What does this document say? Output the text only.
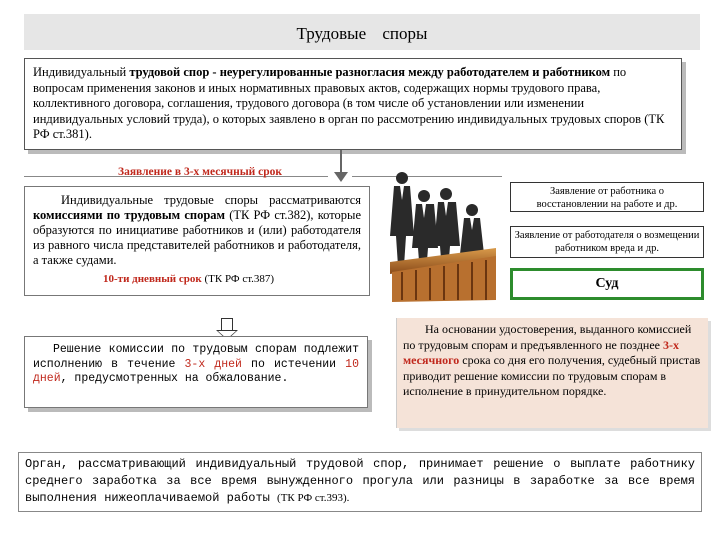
Трудовые споры
Индивидуальный трудовой спор - неурегулированные разногласия между работодателем и работником по вопросам применения законов и иных нормативных правовых актов, содержащих нормы трудового права, коллективного договора, соглашения, трудового договора (в том числе об установлении или изменении индивидуальных условий труда), о которых заявлено в орган по рассмотрению индивидуальных трудовых споров (ТК РФ ст.381).
Заявление в 3-х месячный срок
Индивидуальные трудовые споры рассматриваются комиссиями по трудовым спорам (ТК РФ ст.382), которые образуются по инициативе работников и (или) работодателя из равного числа представителей работников и работодателя, а также судами.
10-ти дневный срок (ТК РФ ст.387)
Решение комиссии по трудовым спорам подлежит исполнению в течение 3-х дней по истечении 10 дней, предусмотренных на обжалование.
Заявление от работника о восстановлении на работе и др.
Заявление от работодателя о возмещении работником вреда и др.
Суд
На основании удостоверения, выданного комиссией по трудовым спорам и предъявленного не позднее 3-х месячного срока со дня его получения, судебный пристав приводит решение комиссии по трудовым спорам в исполнение в принудительном порядке.
Орган, рассматривающий индивидуальный трудовой спор, принимает решение о выплате работнику среднего заработка за все время вынужденного прогула или разницы в заработке за все время выполнения нижеоплачиваемой работы (ТК РФ ст.393).
